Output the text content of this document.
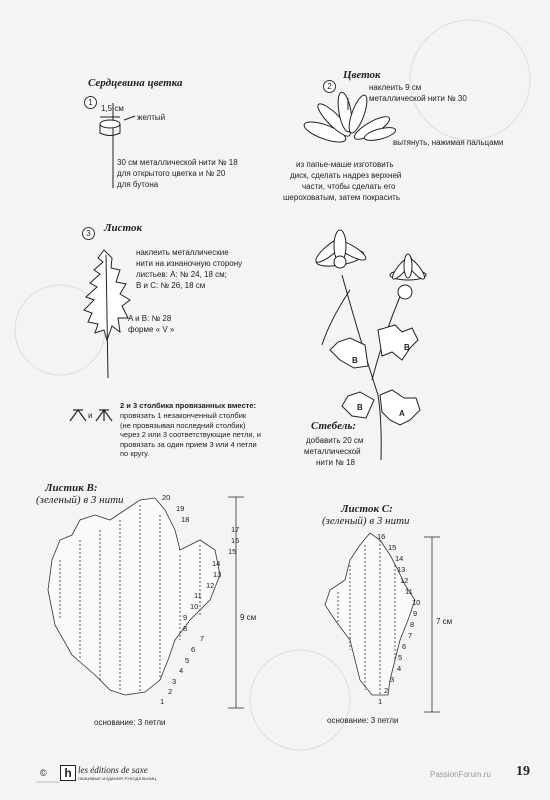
Сердцевина цветка
1
1,5 см
желтый
30 см металлической нити № 18
для открытого цветка и № 20
для бутона
Цветок
2	наклеить 9 см
металлической нити № 30
вытянуть, нажимая пальцами
из папье-маше изготовить
диск, сделать надрез верхней
части, чтобы сделать его
шероховатым, затем покрасить
Листок
3
наклеить металлические
нити на изнаночную сторону
листьев: A: № 24, 18 см;
B и C: № 26, 18 см
A и B: № 28
форме « V »
и
2 и 3 столбика провязанных вместе:
провязать 1 незаконченный столбик
(не провязывая последний столбик)
через 2 или 3 соответствующие петли, и
провязать за один прием 3 или 4 петли
по кругу.
B
B
B
A
Стебель:
добавить 20 см
металлической
нити № 18
Листик В:
(зеленый) в 3 нити	20
19
18
17
16
15
14
13
12
11
10
9
8
7
6
5
4
3
2
1
9 см
основание: 3 петли
Листок С:
(зеленый) в 3 нити
16
15
14
13
12
11
10
9
8
7
6
5
4
3
2
1
7 см
основание: 3 петли
©	h les éditions de saxe
ЛЮБИМЫЕ ИЗДАНИЯ РУКОДЕЛЬНИЦ	PassionForum.ru 19
